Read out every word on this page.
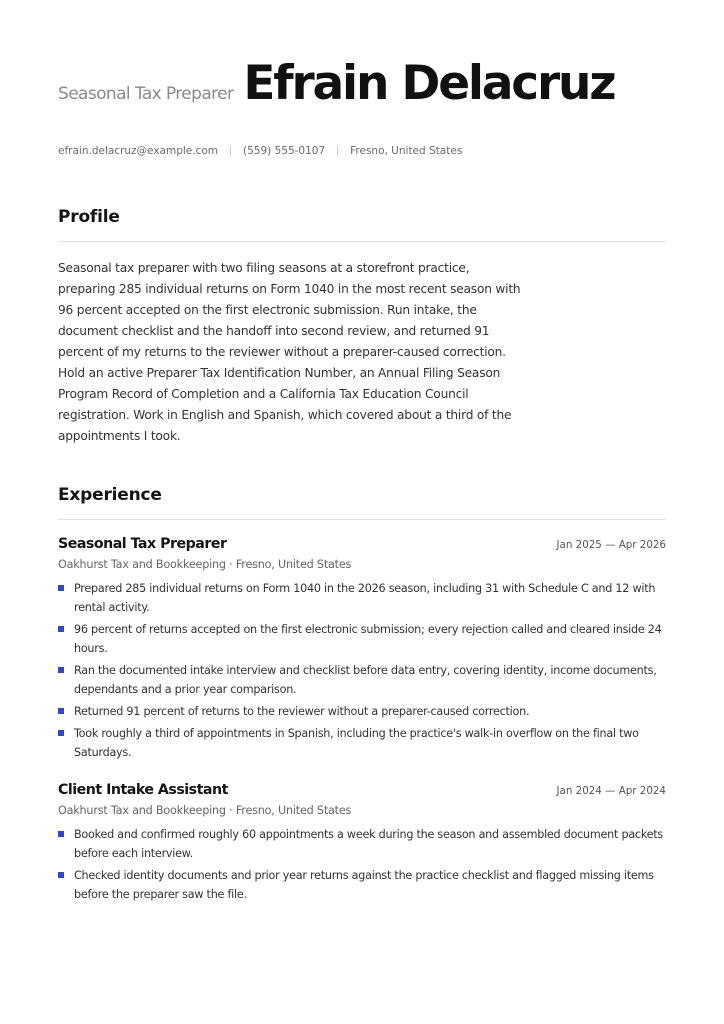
Seasonal Tax Preparer Efrain Delacruz
efrain.delacruz@example.com (559) 555-0107 Fresno, United States
Profile

Seasonal tax preparer with two filing seasons at a storefront practice, preparing 285 individual returns on Form 1040 in the most recent season with 96 percent accepted on the first electronic submission. Run intake, the document checklist and the handoff into second review, and returned 91 percent of my returns to the reviewer without a preparer-caused correction. Hold an active Preparer Tax Identification Number, an Annual Filing Season Program Record of Completion and a California Tax Education Council registration. Work in English and Spanish, which covered about a third of the appointments I took.

Experience
Seasonal Tax Preparer	Jan 2025 — Apr 2026
Oakhurst Tax and Bookkeeping · Fresno, United States
Prepared 285 individual returns on Form 1040 in the 2026 season, including 31 with Schedule C and 12 with rental activity.
96 percent of returns accepted on the first electronic submission; every rejection called and cleared inside 24 hours.
Ran the documented intake interview and checklist before data entry, covering identity, income documents, dependants and a prior year comparison.
Returned 91 percent of returns to the reviewer without a preparer-caused correction.
Took roughly a third of appointments in Spanish, including the practice's walk-in overflow on the final two Saturdays.
Client Intake Assistant	Jan 2024 — Apr 2024
Oakhurst Tax and Bookkeeping · Fresno, United States
Booked and confirmed roughly 60 appointments a week during the season and assembled document packets before each interview.
Checked identity documents and prior year returns against the practice checklist and flagged missing items before the preparer saw the file.
